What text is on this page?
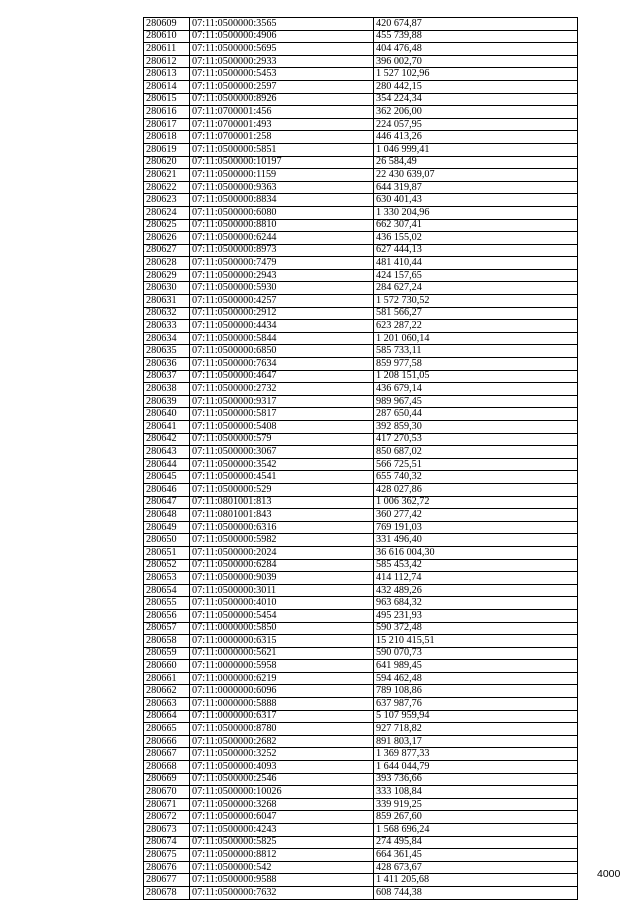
280609	07:11:0500000:3565	420 674,87
280610	07:11:0500000:4906	455 739,88
280611	07:11:0500000:5695	404 476,48
280612	07:11:0500000:2933	396 002,70
280613	07:11:0500000:5453	1 527 102,96
280614	07:11:0500000:2597	280 442,15
280615	07:11:0500000:8926	354 224,34
280616	07:11:0700001:456	362 206,00
280617	07:11:0700001:493	224 057,95
280618	07:11:0700001:258	446 413,26
280619	07:11:0500000:5851	1 046 999,41
280620	07:11:0500000:10197	26 584,49
280621	07:11:0500000:1159	22 430 639,07
280622	07:11:0500000:9363	644 319,87
280623	07:11:0500000:8834	630 401,43
280624	07:11:0500000:6080	1 330 204,96
280625	07:11:0500000:8810	662 307,41
280626	07:11:0500000:6244	436 155,02
280627	07:11:0500000:8973	627 444,13
280628	07:11:0500000:7479	481 410,44
280629	07:11:0500000:2943	424 157,65
280630	07:11:0500000:5930	284 627,24
280631	07:11:0500000:4257	1 572 730,52
280632	07:11:0500000:2912	581 566,27
280633	07:11:0500000:4434	623 287,22
280634	07:11:0500000:5844	1 201 060,14
280635	07:11:0500000:6850	585 733,11
280636	07:11:0500000:7634	859 977,58
280637	07:11:0500000:4647	1 208 151,05
280638	07:11:0500000:2732	436 679,14
280639	07:11:0500000:9317	989 967,45
280640	07:11:0500000:5817	287 650,44
280641	07:11:0500000:5408	392 859,30
280642	07:11:0500000:579	417 270,53
280643	07:11:0500000:3067	850 687,02
280644	07:11:0500000:3542	566 725,51
280645	07:11:0500000:4541	655 740,32
280646	07:11:0500000:529	428 027,86
280647	07:11:0801001:813	1 006 362,72
280648	07:11:0801001:843	360 277,42
280649	07:11:0500000:6316	769 191,03
280650	07:11:0500000:5982	331 496,40
280651	07:11:0500000:2024	36 616 004,30
280652	07:11:0500000:6284	585 453,42
280653	07:11:0500000:9039	414 112,74
280654	07:11:0500000:3011	432 489,26
280655	07:11:0500000:4010	963 684,32
280656	07:11:0500000:5454	495 231,93
280657	07:11:0000000:5850	590 372,48
280658	07:11:0000000:6315	15 210 415,51
280659	07:11:0000000:5621	590 070,73
280660	07:11:0000000:5958	641 989,45
280661	07:11:0000000:6219	594 462,48
280662	07:11:0000000:6096	789 108,86
280663	07:11:0000000:5888	637 987,76
280664	07:11:0000000:6317	5 107 959,94
280665	07:11:0500000:8780	927 718,82
280666	07:11:0500000:2682	891 803,17
280667	07:11:0500000:3252	1 369 877,33
280668	07:11:0500000:4093	1 644 044,79
280669	07:11:0500000:2546	393 736,66
280670	07:11:0500000:10026	333 108,84
280671	07:11:0500000:3268	339 919,25
280672	07:11:0500000:6047	859 267,60
280673	07:11:0500000:4243	1 568 696,24
280674	07:11:0500000:5825	274 495,84
280675	07:11:0500000:8812	664 361,45
280676	07:11:0500000:542	428 673,67
280677	07:11:0500000:9588	1 411 205,68
280678	07:11:0500000:7632	608 744,38
4000
